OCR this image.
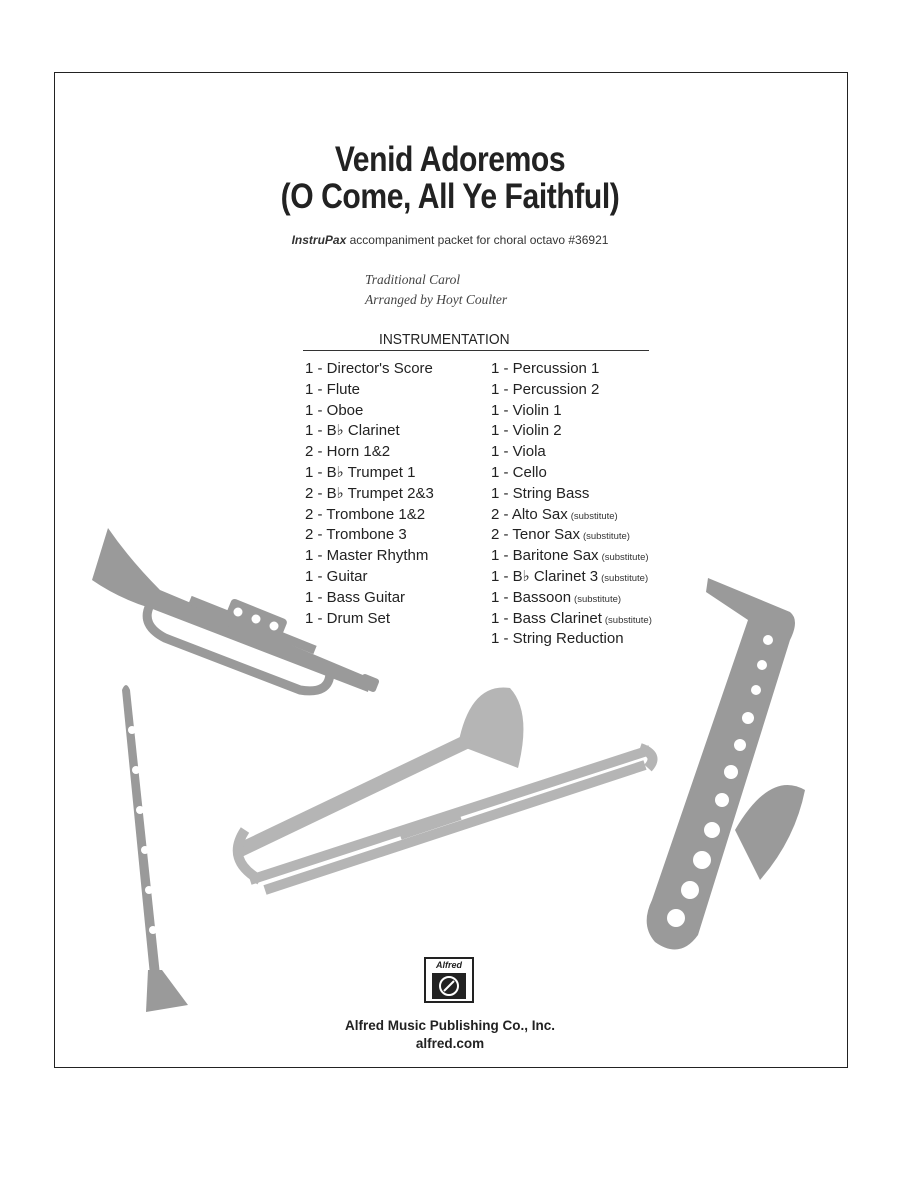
Venid Adoremos
(O Come, All Ye Faithful)
InstruPax accompaniment packet for choral octavo #36921
Traditional Carol
Arranged by Hoyt Coulter
INSTRUMENTATION
1 - Director's Score
1 - Flute
1 - Oboe
1 - B♭ Clarinet
2 - Horn 1&2
1 - B♭ Trumpet 1
2 - B♭ Trumpet 2&3
2 - Trombone 1&2
2 - Trombone 3
1 - Master Rhythm
1 - Guitar
1 - Bass Guitar
1 - Drum Set
1 - Percussion 1
1 - Percussion 2
1 - Violin 1
1 - Violin 2
1 - Viola
1 - Cello
1 - String Bass
2 - Alto Sax (substitute)
2 - Tenor Sax (substitute)
1 - Baritone Sax (substitute)
1 - B♭ Clarinet 3 (substitute)
1 - Bassoon (substitute)
1 - Bass Clarinet (substitute)
1 - String Reduction
Alfred
Alfred Music Publishing Co., Inc.
alfred.com
